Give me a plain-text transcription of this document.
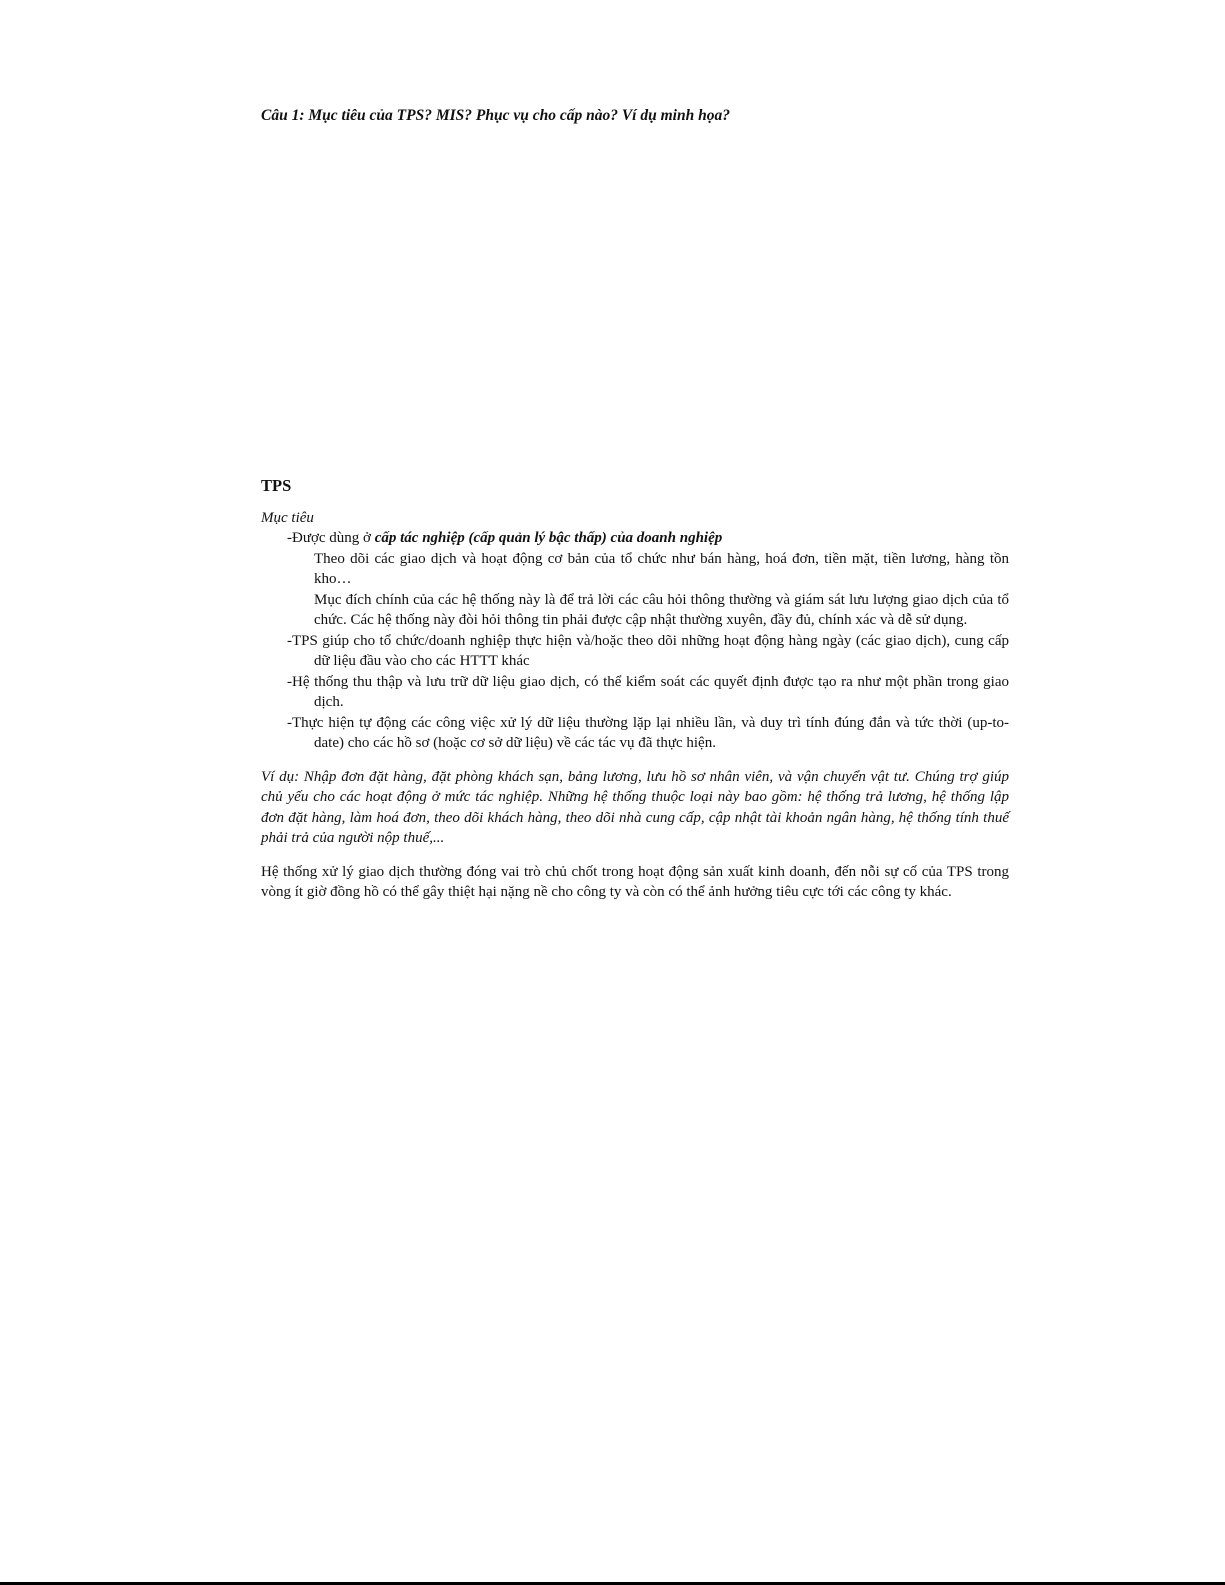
Câu 1: Mục tiêu của TPS? MIS? Phục vụ cho cấp nào? Ví dụ minh họa?
TPS
Mục tiêu
-Được dùng ở cấp tác nghiệp (cấp quản lý bậc thấp) của doanh nghiệp
Theo dõi các giao dịch và hoạt động cơ bản của tổ chức như bán hàng, hoá đơn, tiền mặt, tiền lương, hàng tồn kho…
Mục đích chính của các hệ thống này là để trả lời các câu hỏi thông thường và giám sát lưu lượng giao dịch của tổ chức. Các hệ thống này đòi hỏi thông tin phải được cập nhật thường xuyên, đầy đủ, chính xác và dễ sử dụng.
-TPS giúp cho tổ chức/doanh nghiệp thực hiện và/hoặc theo dõi những hoạt động hàng ngày (các giao dịch), cung cấp dữ liệu đầu vào cho các HTTT khác
-Hệ thống thu thập và lưu trữ dữ liệu giao dịch, có thể kiểm soát các quyết định được tạo ra như một phần trong giao dịch.
-Thực hiện tự động các công việc xử lý dữ liệu thường lặp lại nhiều lần, và duy trì tính đúng đắn và tức thời (up-to-date) cho các hồ sơ (hoặc cơ sở dữ liệu) về các tác vụ đã thực hiện.
Ví dụ: Nhập đơn đặt hàng, đặt phòng khách sạn, bảng lương, lưu hồ sơ nhân viên, và vận chuyển vật tư. Chúng trợ giúp chủ yếu cho các hoạt động ở mức tác nghiệp. Những hệ thống thuộc loại này bao gồm: hệ thống trả lương, hệ thống lập đơn đặt hàng, làm hoá đơn, theo dõi khách hàng, theo dõi nhà cung cấp, cập nhật tài khoản ngân hàng, hệ thống tính thuế phải trả của người nộp thuế,...
Hệ thống xử lý giao dịch thường đóng vai trò chủ chốt trong hoạt động sản xuất kinh doanh, đến nỗi sự cố của TPS trong vòng ít giờ đồng hồ có thể gây thiệt hại nặng nề cho công ty và còn có thể ảnh hưởng tiêu cực tới các công ty khác.
